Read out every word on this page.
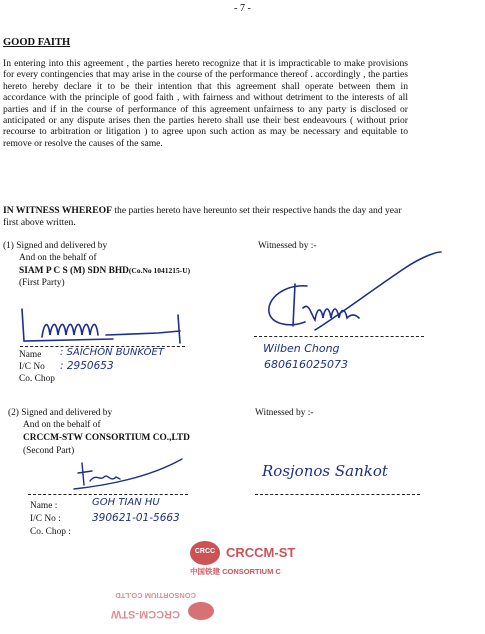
- 7 -
GOOD FAITH
In entering into this agreement , the parties hereto recognize that it is impracticable to make provisions for every contingencies that may arise in the course of the performance thereof . accordingly , the parties hereto hereby declare it to be their intention that this agreement shall operate between them in accordance with the principle of good faith , with fairness and without detriment to the interests of all parties and if in the course of performance of this agreement unfairness to any party is disclosed or anticipated or any dispute arises then the parties hereto shall use their best endeavours ( without prior recourse to arbitration or litigation ) to agree upon such action as may be necessary and equitable to remove or resolve the causes of the same.
IN WITNESS WHEREOF the parties hereto have hereunto set their respective hands the day and year first above written.
(1) Signed and delivered by
And on the behalf of
SIAM P C S (M) SDN BHD(Co.No 1041215-U)
(First Party)
Name : SAICHON BUNKOET
I/C No : 2950653
Co. Chop
Witnessed by :-
Wilben Chong
680616025073
(2) Signed and delivered by
And on the behalf of
CRCCM-STW CONSORTIUM CO.,LTD
(Second Part)
Name :	GOH TIAN HU
I/C No :	390621-01-5663
Co. Chop :
Witnessed by :-
Rosjonos Sankot
CRCC CRCCM-ST
中国铁建 CONSORTIUM C
CRCCM-STW
CONSORTIUM CO.LTD
